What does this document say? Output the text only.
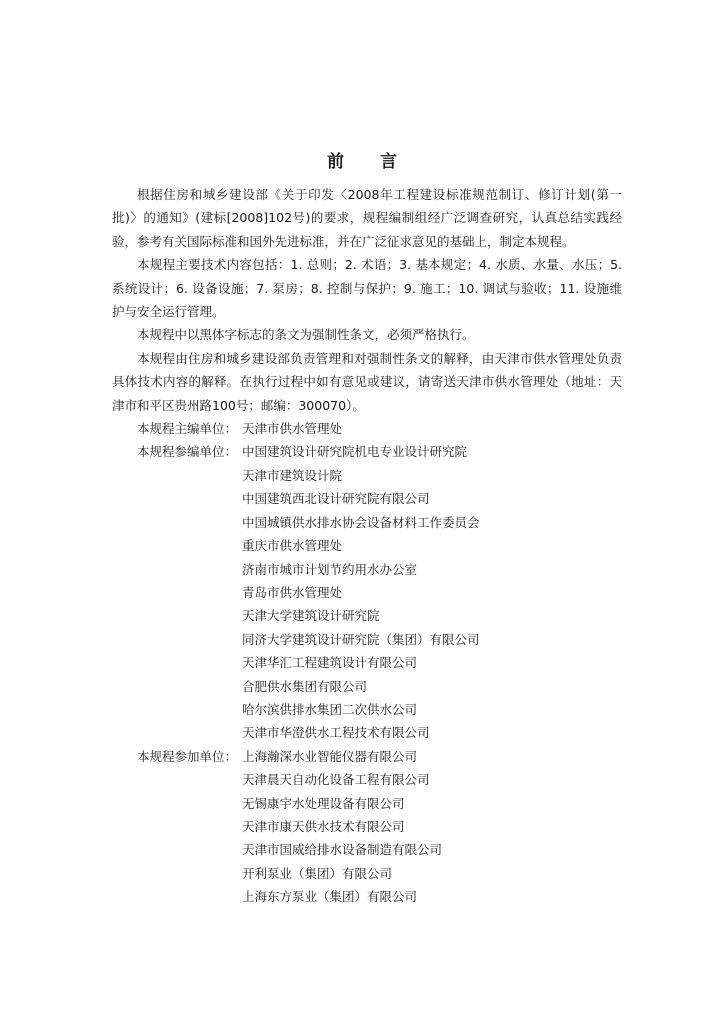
前 言

根据住房和城乡建设部《关于印发〈2008年工程建设标准规范制订、修订计划(第一批)〉的通知》(建标[2008]102号)的要求，规程编制组经广泛调查研究，认真总结实践经验，参考有关国际标准和国外先进标准，并在广泛征求意见的基础上，制定本规程。

本规程主要技术内容包括：1. 总则；2. 术语；3. 基本规定；4. 水质、水量、水压；5. 系统设计；6. 设备设施；7. 泵房；8. 控制与保护；9. 施工；10. 调试与验收；11. 设施维护与安全运行管理。

本规程中以黑体字标志的条文为强制性条文，必须严格执行。

本规程由住房和城乡建设部负责管理和对强制性条文的解释，由天津市供水管理处负责具体技术内容的解释。在执行过程中如有意见或建议，请寄送天津市供水管理处（地址：天津市和平区贵州路100号；邮编：300070）。

本规程主编单位： 天津市供水管理处
本规程参编单位： 中国建筑设计研究院机电专业设计研究院
天津市建筑设计院
中国建筑西北设计研究院有限公司
中国城镇供水排水协会设备材料工作委员会
重庆市供水管理处
济南市城市计划节约用水办公室
青岛市供水管理处
天津大学建筑设计研究院
同济大学建筑设计研究院（集团）有限公司
天津华汇工程建筑设计有限公司
合肥供水集团有限公司
哈尔滨供排水集团二次供水公司
天津市华澄供水工程技术有限公司
本规程参加单位： 上海瀚深水业智能仪器有限公司
天津晨天自动化设备工程有限公司
无锡康宇水处理设备有限公司
天津市康天供水技术有限公司
天津市国威给排水设备制造有限公司
开利泵业（集团）有限公司
上海东方泵业（集团）有限公司
